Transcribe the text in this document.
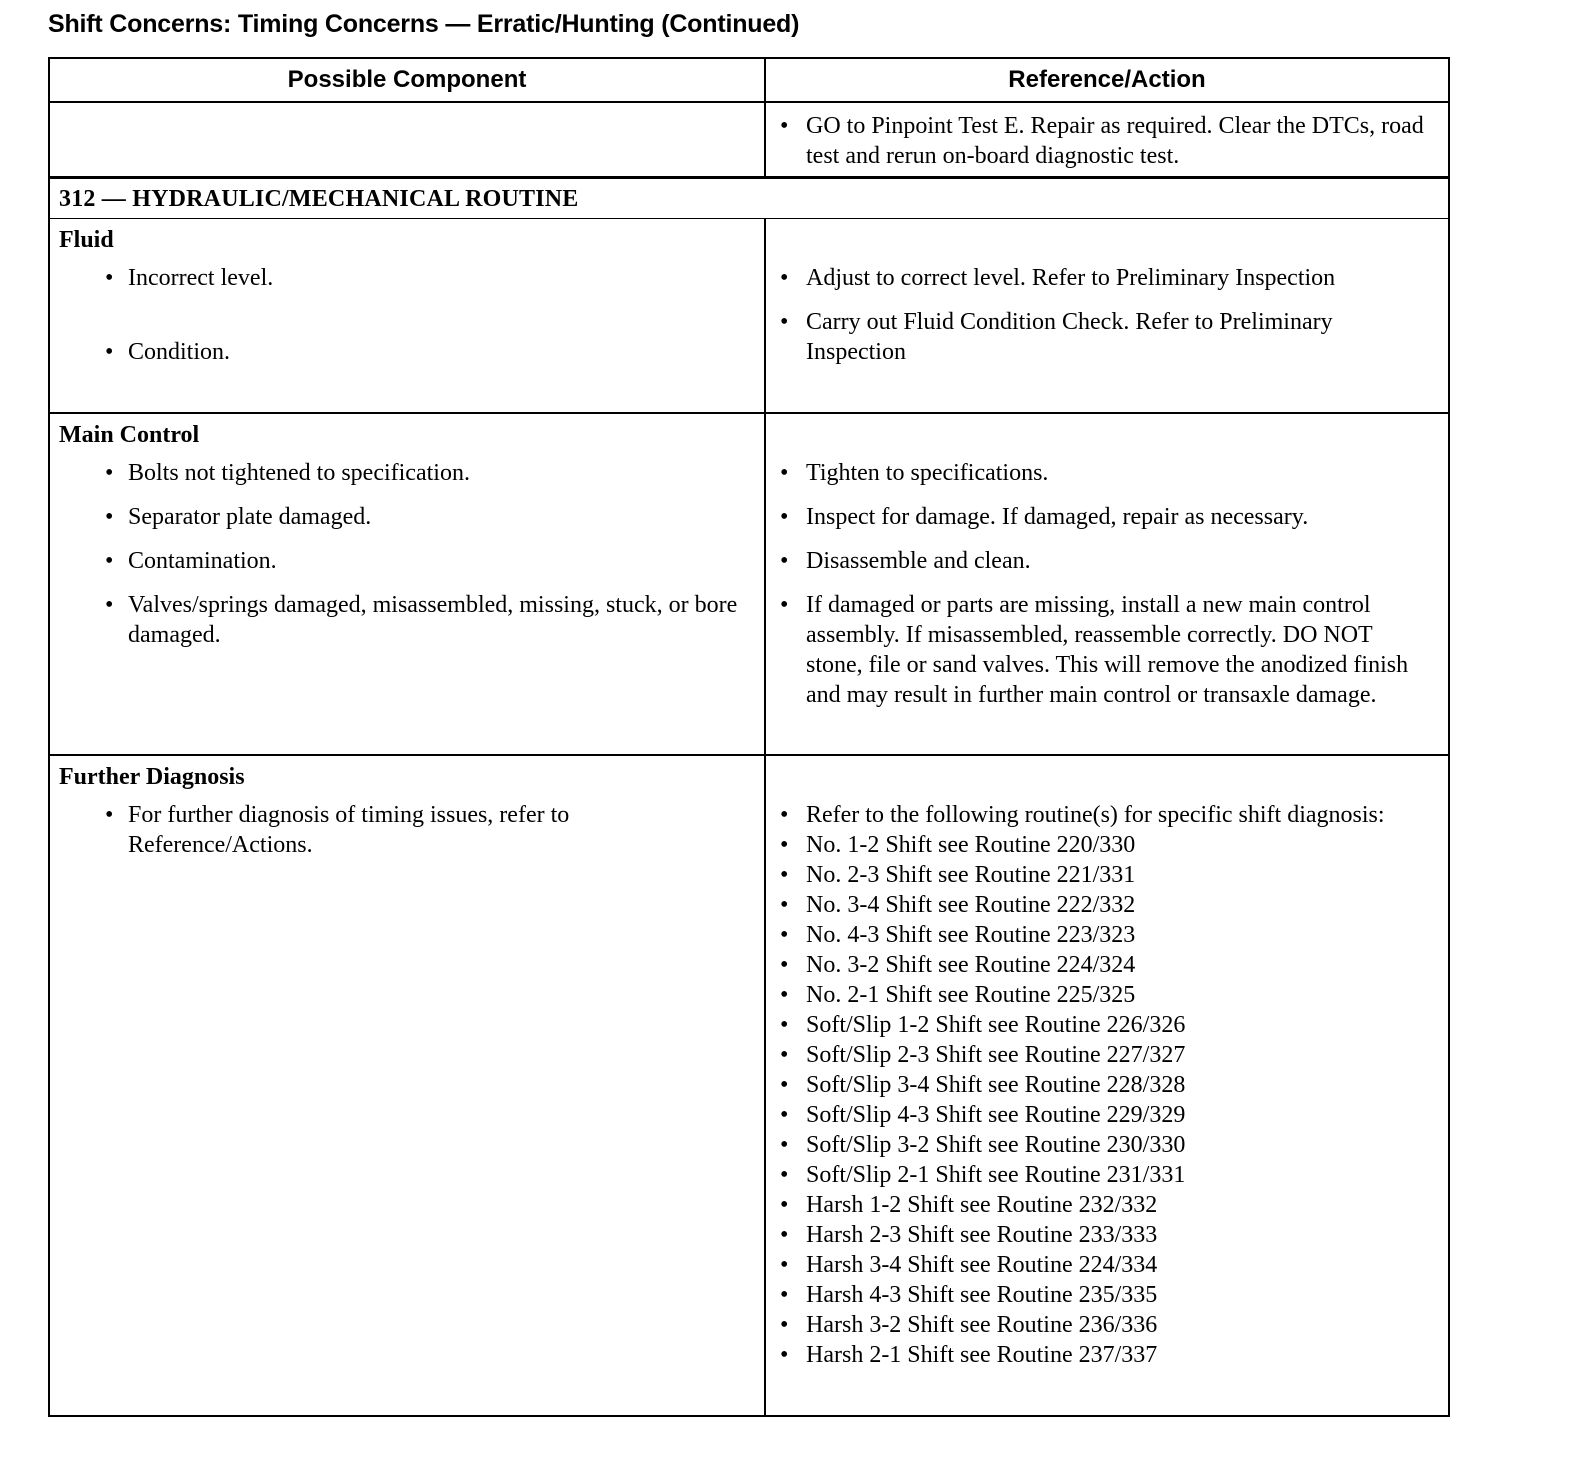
Shift Concerns: Timing Concerns — Erratic/Hunting (Continued)
Possible Component	Reference/Action
• GO to Pinpoint Test E. Repair as required. Clear the DTCs, road test and rerun on-board diagnostic test.
312 — HYDRAULIC/MECHANICAL ROUTINE
Fluid
• Incorrect level.
• Condition.
• Adjust to correct level. Refer to Preliminary Inspection
• Carry out Fluid Condition Check. Refer to Preliminary Inspection
Main Control
• Bolts not tightened to specification.
• Separator plate damaged.
• Contamination.
• Valves/springs damaged, misassembled, missing, stuck, or bore damaged.
• Tighten to specifications.
• Inspect for damage. If damaged, repair as necessary.
• Disassemble and clean.
• If damaged or parts are missing, install a new main control assembly. If misassembled, reassemble correctly. DO NOT stone, file or sand valves. This will remove the anodized finish and may result in further main control or transaxle damage.
Further Diagnosis
• For further diagnosis of timing issues, refer to Reference/Actions.
• Refer to the following routine(s) for specific shift diagnosis:
• No. 1-2 Shift see Routine 220/330
• No. 2-3 Shift see Routine 221/331
• No. 3-4 Shift see Routine 222/332
• No. 4-3 Shift see Routine 223/323
• No. 3-2 Shift see Routine 224/324
• No. 2-1 Shift see Routine 225/325
• Soft/Slip 1-2 Shift see Routine 226/326
• Soft/Slip 2-3 Shift see Routine 227/327
• Soft/Slip 3-4 Shift see Routine 228/328
• Soft/Slip 4-3 Shift see Routine 229/329
• Soft/Slip 3-2 Shift see Routine 230/330
• Soft/Slip 2-1 Shift see Routine 231/331
• Harsh 1-2 Shift see Routine 232/332
• Harsh 2-3 Shift see Routine 233/333
• Harsh 3-4 Shift see Routine 224/334
• Harsh 4-3 Shift see Routine 235/335
• Harsh 3-2 Shift see Routine 236/336
• Harsh 2-1 Shift see Routine 237/337
